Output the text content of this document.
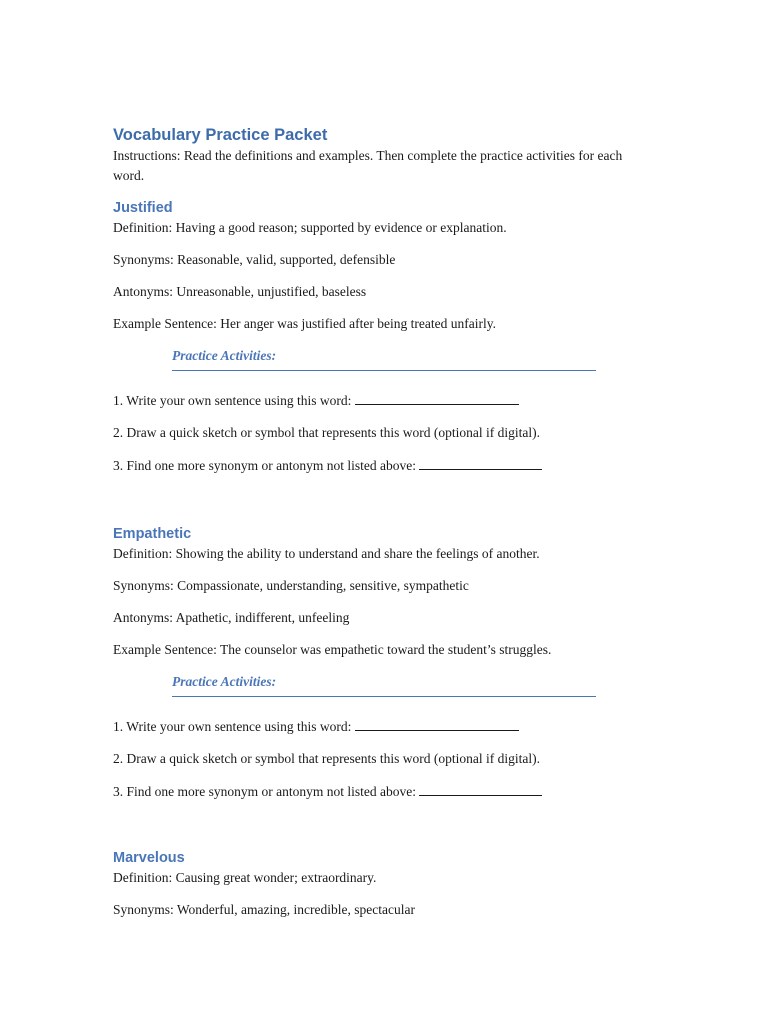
Vocabulary Practice Packet

Instructions: Read the definitions and examples. Then complete the practice activities for each word.

Justified

Definition: Having a good reason; supported by evidence or explanation.

Synonyms: Reasonable, valid, supported, defensible

Antonyms: Unreasonable, unjustified, baseless

Example Sentence: Her anger was justified after being treated unfairly.

Practice Activities:

1. Write your own sentence using this word:

2. Draw a quick sketch or symbol that represents this word (optional if digital).

3. Find one more synonym or antonym not listed above:

Empathetic

Definition: Showing the ability to understand and share the feelings of another.

Synonyms: Compassionate, understanding, sensitive, sympathetic

Antonyms: Apathetic, indifferent, unfeeling

Example Sentence: The counselor was empathetic toward the student’s struggles.

Practice Activities:

1. Write your own sentence using this word:

2. Draw a quick sketch or symbol that represents this word (optional if digital).

3. Find one more synonym or antonym not listed above:

Marvelous

Definition: Causing great wonder; extraordinary.

Synonyms: Wonderful, amazing, incredible, spectacular
